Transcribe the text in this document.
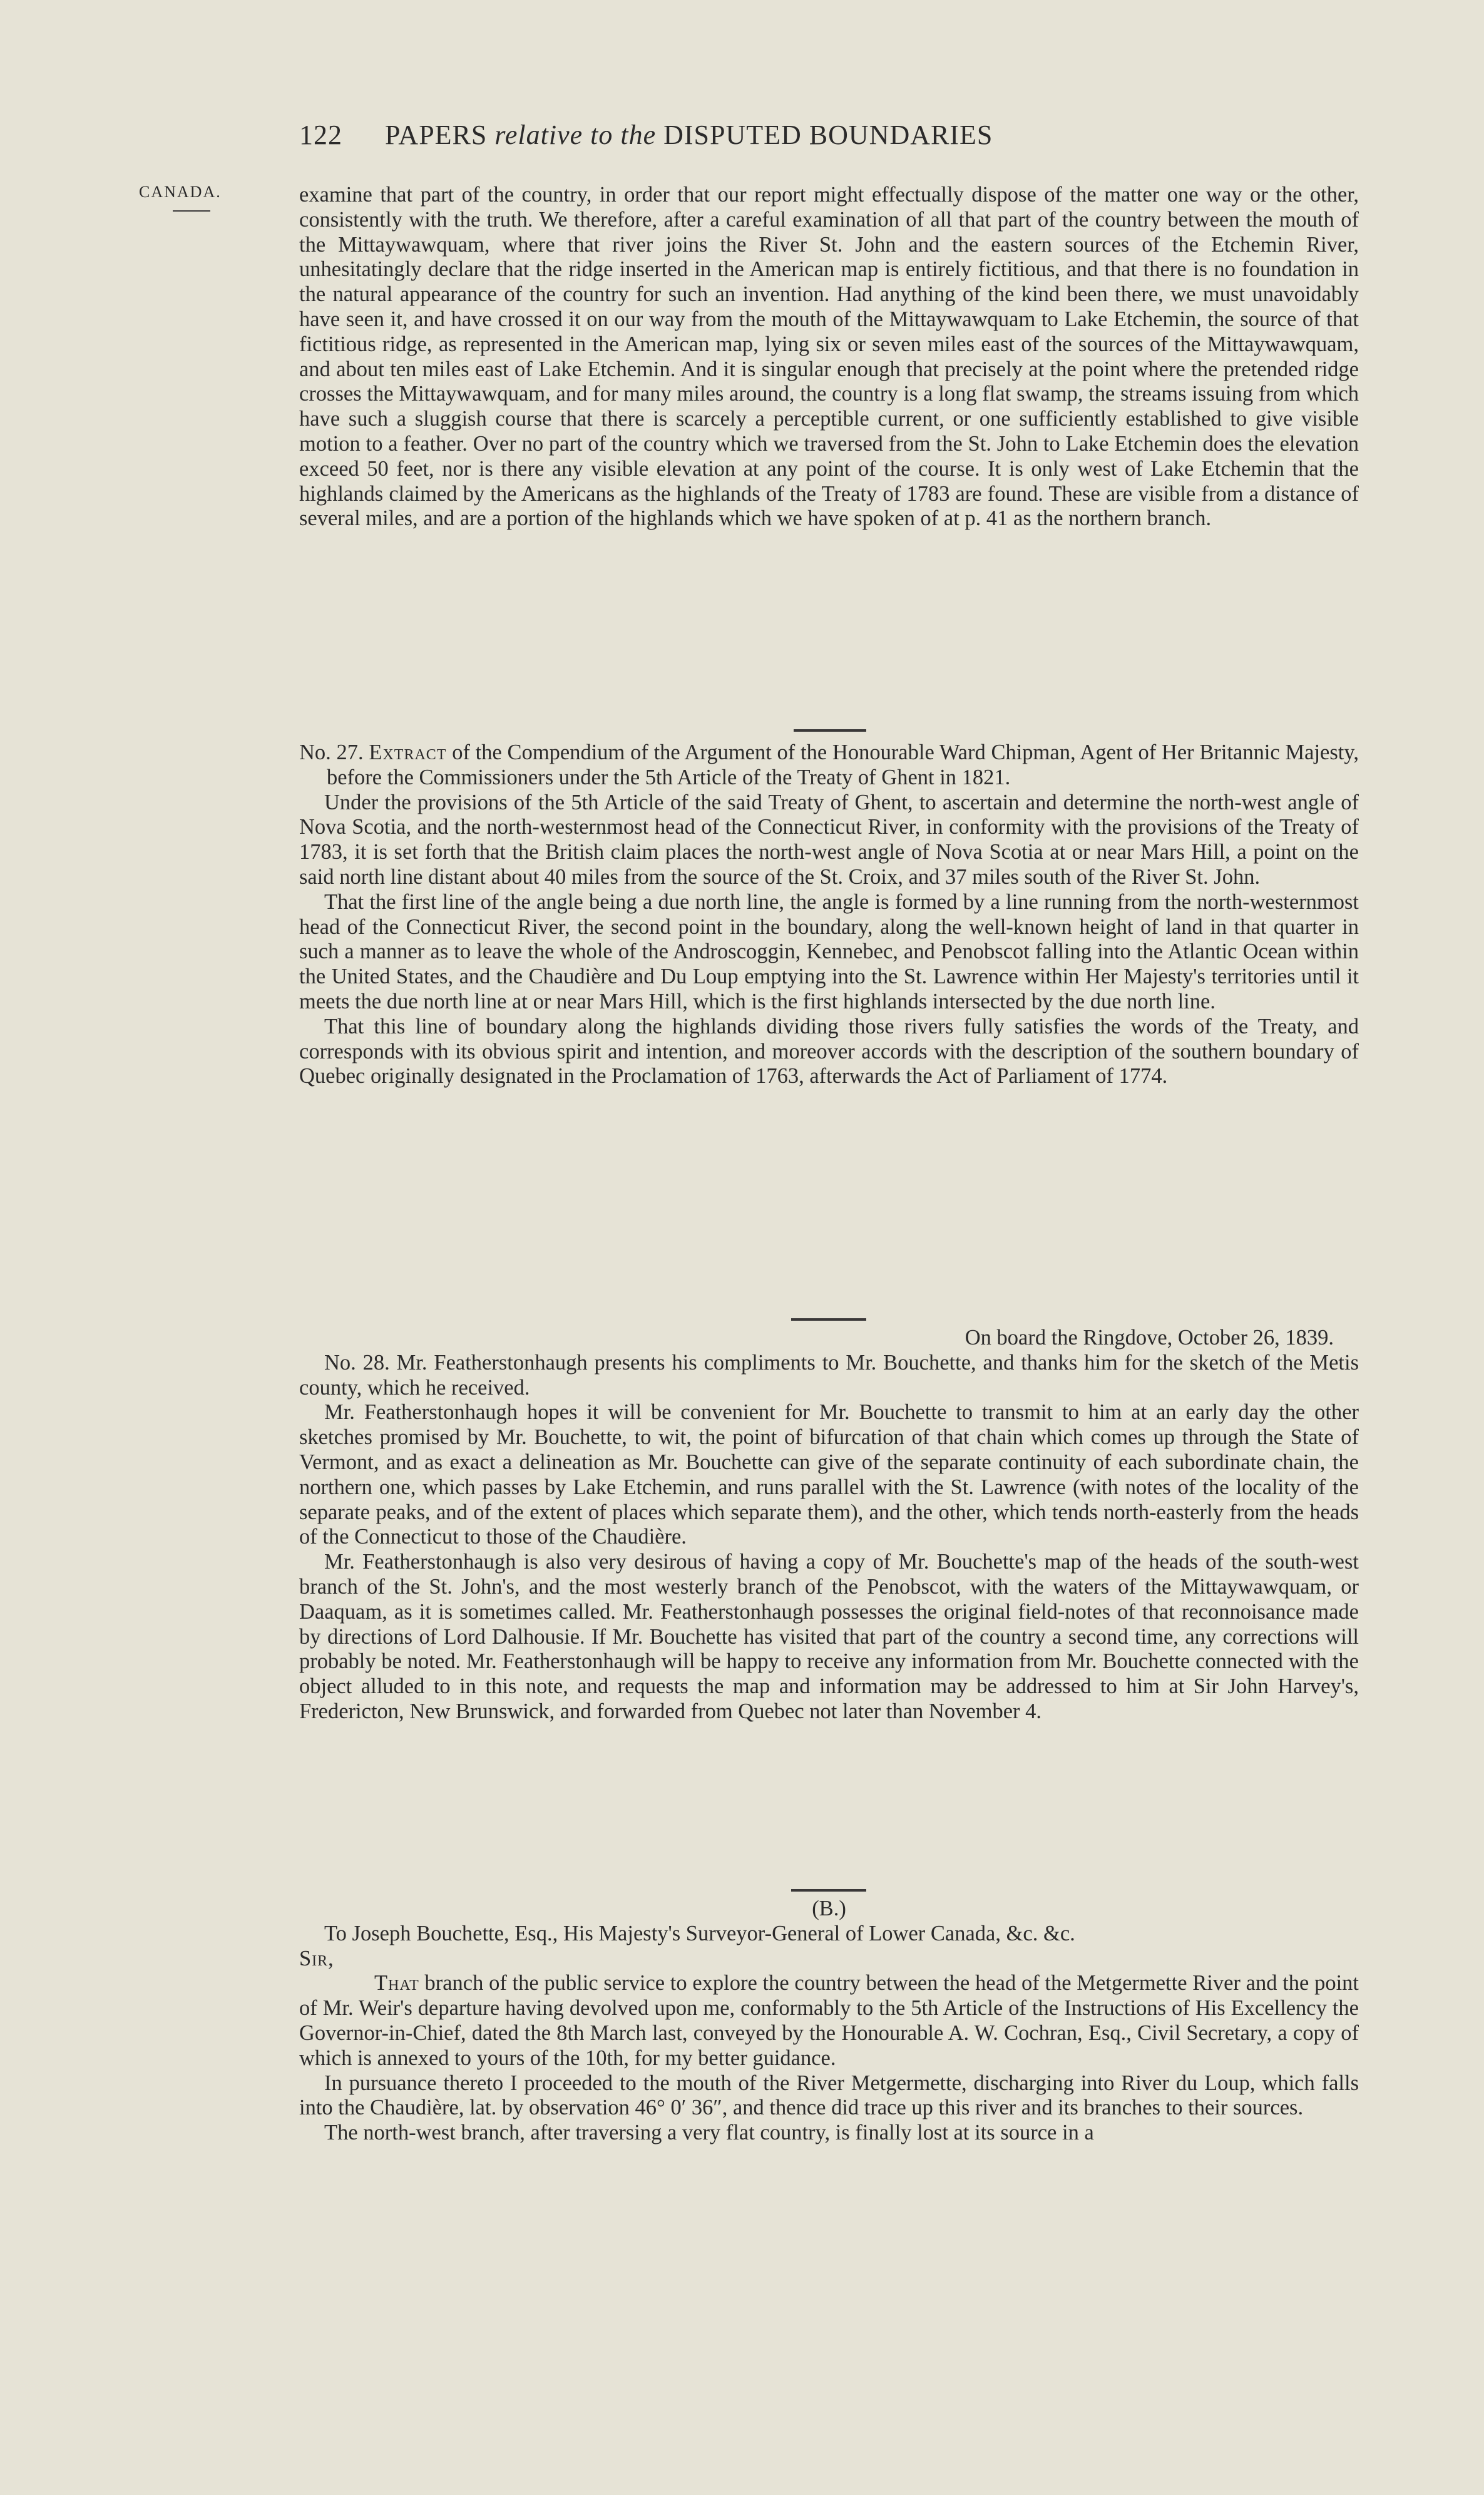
122 PAPERS relative to the DISPUTED BOUNDARIES
CANADA.	examine that part of the country, in order that our report might effectually dispose of the matter one way or the other, consistently with the truth. We therefore, after a careful examination of all that part of the country between the mouth of the Mittaywawquam, where that river joins the River St. John and the eastern sources of the Etchemin River, unhesitatingly declare that the ridge inserted in the American map is entirely fictitious, and that there is no foundation in the natural appearance of the country for such an invention. Had anything of the kind been there, we must unavoidably have seen it, and have crossed it on our way from the mouth of the Mittaywawquam to Lake Etchemin, the source of that fictitious ridge, as represented in the American map, lying six or seven miles east of the sources of the Mittaywawquam, and about ten miles east of Lake Etchemin. And it is singular enough that precisely at the point where the pretended ridge crosses the Mittaywawquam, and for many miles around, the country is a long flat swamp, the streams issuing from which have such a sluggish course that there is scarcely a perceptible current, or one sufficiently established to give visible motion to a feather. Over no part of the country which we traversed from the St. John to Lake Etchemin does the elevation exceed 50 feet, nor is there any visible elevation at any point of the course. It is only west of Lake Etchemin that the highlands claimed by the Americans as the highlands of the Treaty of 1783 are found. These are visible from a distance of several miles, and are a portion of the highlands which we have spoken of at p. 41 as the northern branch.

No. 27. Extract of the Compendium of the Argument of the Honourable Ward Chipman, Agent of Her Britannic Majesty, before the Commissioners under the 5th Article of the Treaty of Ghent in 1821.

Under the provisions of the 5th Article of the said Treaty of Ghent, to ascertain and determine the north-west angle of Nova Scotia, and the north-westernmost head of the Connecticut River, in conformity with the provisions of the Treaty of 1783, it is set forth that the British claim places the north-west angle of Nova Scotia at or near Mars Hill, a point on the said north line distant about 40 miles from the source of the St. Croix, and 37 miles south of the River St. John.

That the first line of the angle being a due north line, the angle is formed by a line running from the north-westernmost head of the Connecticut River, the second point in the boundary, along the well-known height of land in that quarter in such a manner as to leave the whole of the Androscoggin, Kennebec, and Penobscot falling into the Atlantic Ocean within the United States, and the Chaudière and Du Loup emptying into the St. Lawrence within Her Majesty's territories until it meets the due north line at or near Mars Hill, which is the first highlands intersected by the due north line.

That this line of boundary along the highlands dividing those rivers fully satisfies the words of the Treaty, and corresponds with its obvious spirit and intention, and moreover accords with the description of the southern boundary of Quebec originally designated in the Proclamation of 1763, afterwards the Act of Parliament of 1774.

On board the Ringdove, October 26, 1839.

No. 28. Mr. Featherstonhaugh presents his compliments to Mr. Bouchette, and thanks him for the sketch of the Metis county, which he received.

Mr. Featherstonhaugh hopes it will be convenient for Mr. Bouchette to transmit to him at an early day the other sketches promised by Mr. Bouchette, to wit, the point of bifurcation of that chain which comes up through the State of Vermont, and as exact a delineation as Mr. Bouchette can give of the separate continuity of each subordinate chain, the northern one, which passes by Lake Etchemin, and runs parallel with the St. Lawrence (with notes of the locality of the separate peaks, and of the extent of places which separate them), and the other, which tends north-easterly from the heads of the Connecticut to those of the Chaudière.

Mr. Featherstonhaugh is also very desirous of having a copy of Mr. Bouchette's map of the heads of the south-west branch of the St. John's, and the most westerly branch of the Penobscot, with the waters of the Mittaywawquam, or Daaquam, as it is sometimes called. Mr. Featherstonhaugh possesses the original field-notes of that reconnoisance made by directions of Lord Dalhousie. If Mr. Bouchette has visited that part of the country a second time, any corrections will probably be noted. Mr. Featherstonhaugh will be happy to receive any information from Mr. Bouchette connected with the object alluded to in this note, and requests the map and information may be addressed to him at Sir John Harvey's, Fredericton, New Brunswick, and forwarded from Quebec not later than November 4.

(B.)

To Joseph Bouchette, Esq., His Majesty's Surveyor-General of Lower Canada, &c. &c.

Sir,

That branch of the public service to explore the country between the head of the Metgermette River and the point of Mr. Weir's departure having devolved upon me, conformably to the 5th Article of the Instructions of His Excellency the Governor-in-Chief, dated the 8th March last, conveyed by the Honourable A. W. Cochran, Esq., Civil Secretary, a copy of which is annexed to yours of the 10th, for my better guidance.

In pursuance thereto I proceeded to the mouth of the River Metgermette, discharging into River du Loup, which falls into the Chaudière, lat. by observation 46° 0′ 36″, and thence did trace up this river and its branches to their sources.

The north-west branch, after traversing a very flat country, is finally lost at its source in a
